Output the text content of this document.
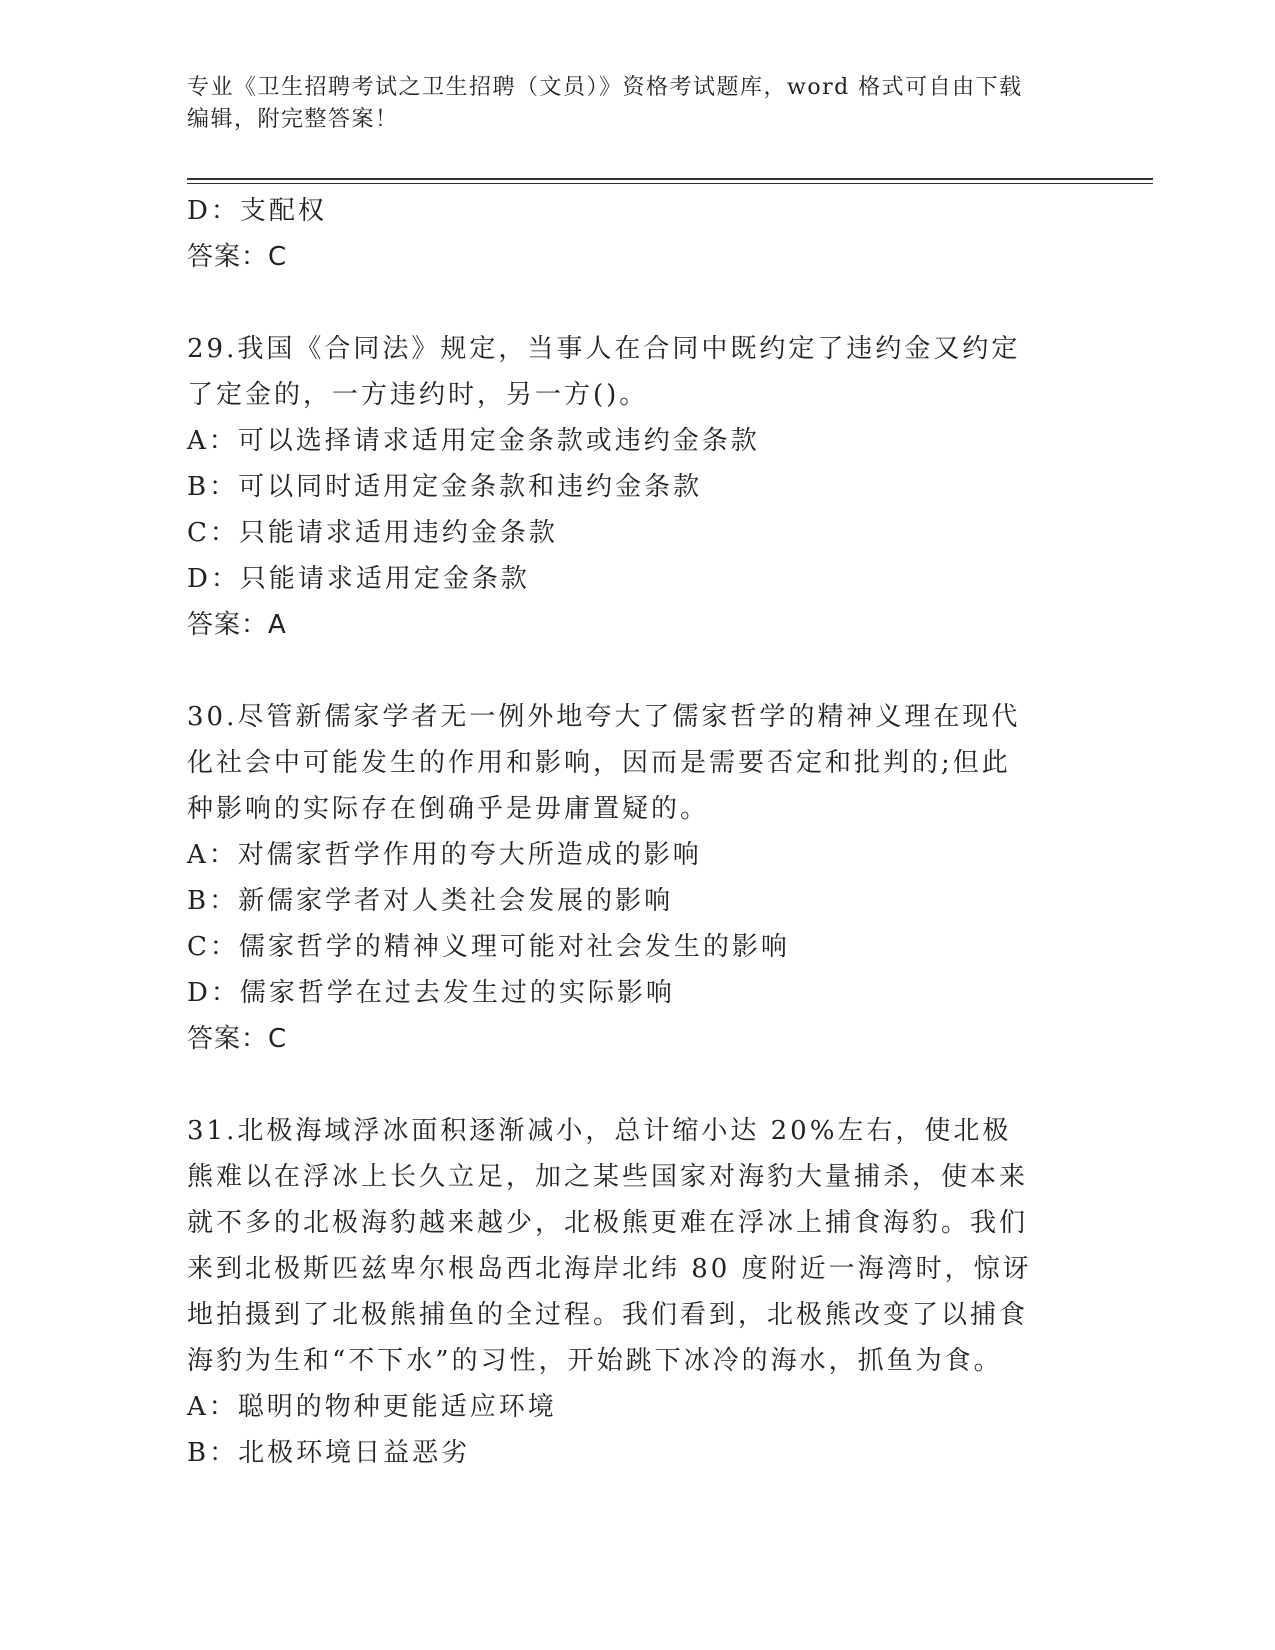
专业《卫生招聘考试之卫生招聘（文员）》资格考试题库，word 格式可自由下载
编辑，附完整答案！
D：支配权
答案：C
29.我国《合同法》规定，当事人在合同中既约定了违约金又约定了定金的，一方违约时，另一方()。
A：可以选择请求适用定金条款或违约金条款
B：可以同时适用定金条款和违约金条款
C：只能请求适用违约金条款
D：只能请求适用定金条款
答案：A
30.尽管新儒家学者无一例外地夸大了儒家哲学的精神义理在现代化社会中可能发生的作用和影响，因而是需要否定和批判的;但此种影响的实际存在倒确乎是毋庸置疑的。
A：对儒家哲学作用的夸大所造成的影响
B：新儒家学者对人类社会发展的影响
C：儒家哲学的精神义理可能对社会发生的影响
D：儒家哲学在过去发生过的实际影响
答案：C
31.北极海域浮冰面积逐渐减小，总计缩小达 20%左右，使北极熊难以在浮冰上长久立足，加之某些国家对海豹大量捕杀，使本来就不多的北极海豹越来越少，北极熊更难在浮冰上捕食海豹。我们来到北极斯匹兹卑尔根岛西北海岸北纬 80 度附近一海湾时，惊讶地拍摄到了北极熊捕鱼的全过程。我们看到，北极熊改变了以捕食海豹为生和“不下水”的习性，开始跳下冰冷的海水，抓鱼为食。
A：聪明的物种更能适应环境
B：北极环境日益恶劣
